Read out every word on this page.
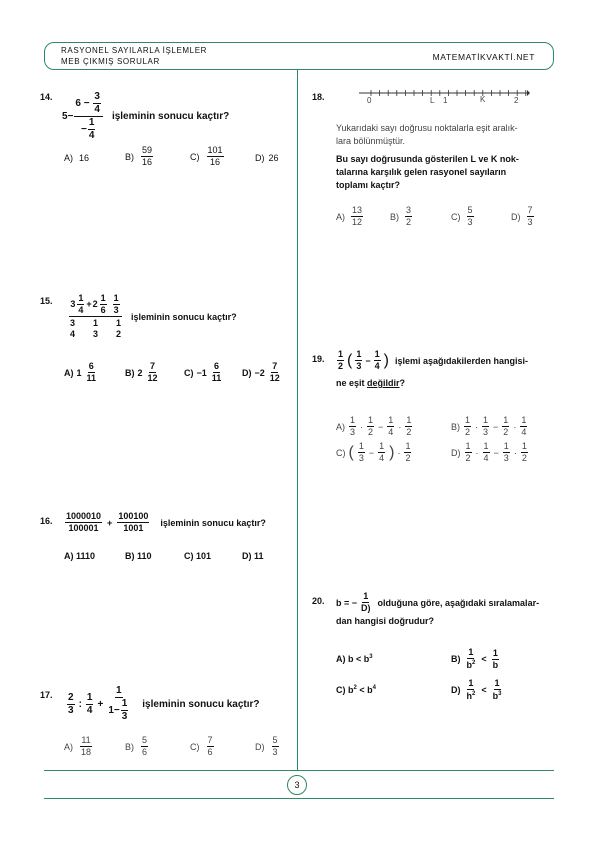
RASYONEL SAYILARLA İŞLEMLER
MEB ÇIKMIŞ SORULAR	MATEMATİKVAKTİ.NET
3
14.
$5 - \frac{6 - \frac{3}{4}}{- \frac{1}{4}}$ işleminin sonucu kaçtır?
A) 16	$B) \frac{59}{16}$	$C) \frac{101}{16}$	D) 26
15. $3 \frac{1}{4} + 2 \frac{1}{6} \frac{1}{3}$
3
4
1
3
1
2 işleminin sonucu kaçtır?
A) $1 \frac{6}{11}$	B) $2 \frac{7}{12}$	$C) -1 \frac{6}{11} D) -2 \frac{7}{12}$
16. $\frac{1000010}{100001} + \frac{100100}{1001}$ işleminin sonucu kaçtır?
A) 1110	B) 110	C) 101	D) 11
17. $\frac{2}{3}$ : $\frac{1}{4} + \frac{1}{1 - \frac{1}{3}}$ işleminin sonucu kaçtır?
$A) \frac{11}{18}$	$B) \frac{5}{6}$	$C) \frac{7}{6}$	$D) \frac{5}{3}$
18.	0	L 1	K	2
Yukarıdaki sayı doğrusu noktalarla eşit aralık-
lara bölünmüştür.
Bu sayı doğrusunda gösterilen L ve K nok-
talarına karşılık gelen rasyonel sayıların
toplamı kaçtır?
$A) \frac{13}{12}$	$B) \frac{3}{2}$	$C) \frac{5}{3}$	$D) \frac{7}{3}$
19. $\frac{1}{2}$ ( $\frac{1}{3} - \frac{1}{4}$ ) işlemi aşağıdakilerden hangisi-
ne eşit değildir?
$A) \frac{1}{3} \cdot \frac{1}{2} - \frac{1}{4} \cdot \frac{1}{2}$	$B) \frac{1}{2} \cdot \frac{1}{3} - \frac{1}{2} \cdot \frac{1}{4}$
C) ( $\frac{1}{3} - \frac{1}{4}$ ) · $\frac{1}{2}$	$D) \frac{1}{2} \cdot \frac{1}{4} - \frac{1}{3} \cdot \frac{1}{2}$
20. b = − $\frac{1}{D)}$ olduğuna göre, aşağıdaki sıralamalar-
dan hangisi doğrudur?
A) $b < b^3$	$B) \frac{1}{b^2} < \frac{1}{b}$
C) $b^2 < b^4$	$D) \frac{1}{h^2} < \frac{1}{b^3}$
